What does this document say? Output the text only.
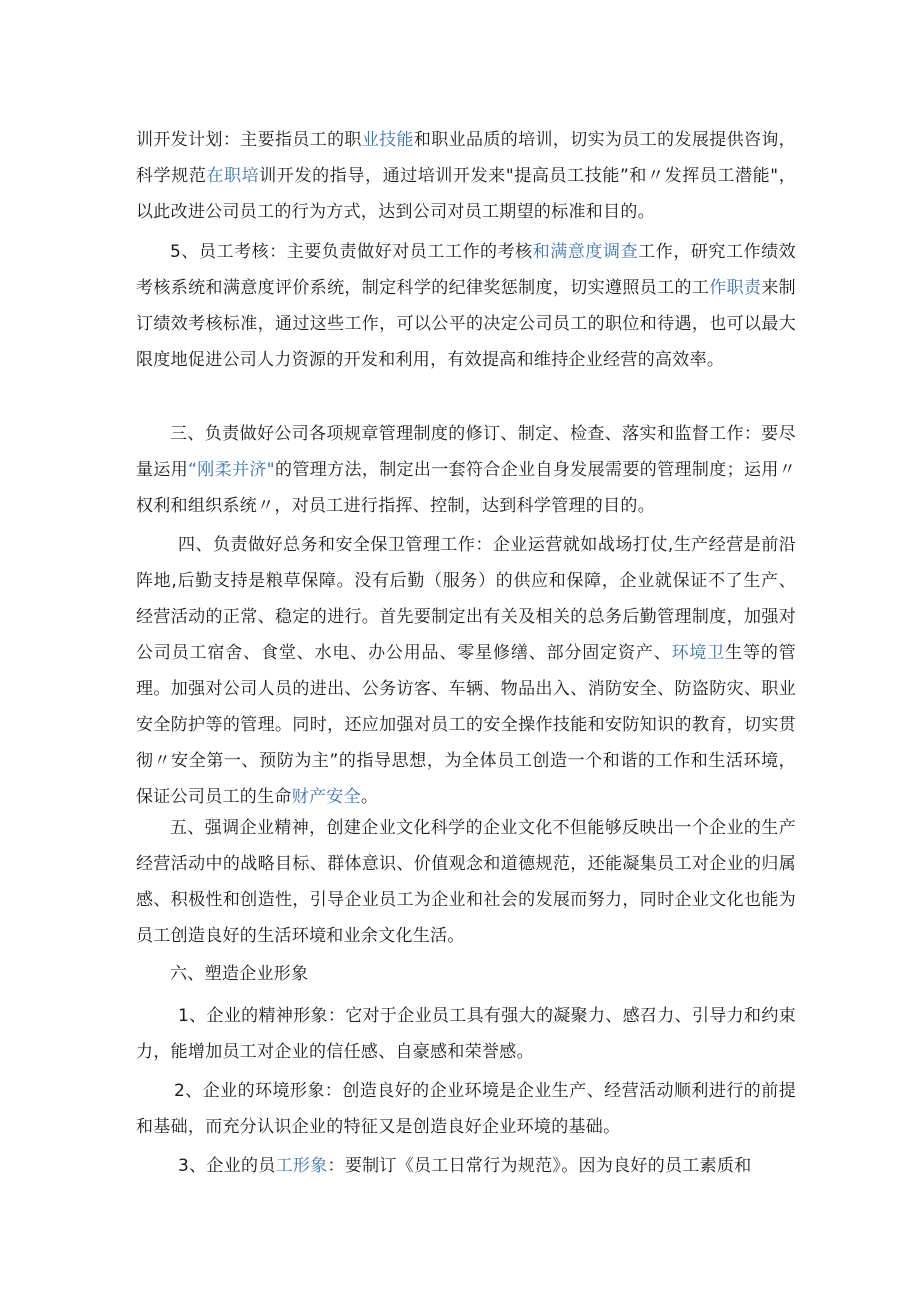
训开发计划：主要指员工的职业技能和职业品质的培训，切实为员工的发展提供咨询，科学规范在职培训开发的指导，通过培训开发来"提高员工技能”和〃发挥员工潜能"，以此改进公司员工的行为方式，达到公司对员工期望的标准和目的。

5、员工考核：主要负责做好对员工工作的考核和满意度调查工作，研究工作绩效考核系统和满意度评价系统，制定科学的纪律奖惩制度，切实遵照员工的工作职责来制订绩效考核标准，通过这些工作，可以公平的决定公司员工的职位和待遇，也可以最大限度地促进公司人力资源的开发和利用，有效提高和维持企业经营的高效率。

三、负责做好公司各项规章管理制度的修订、制定、检查、落实和监督工作：要尽量运用“刚柔并济"的管理方法，制定出一套符合企业自身发展需要的管理制度；运用〃权利和组织系统〃，对员工进行指挥、控制，达到科学管理的目的。

四、负责做好总务和安全保卫管理工作：企业运营就如战场打仗,生产经营是前沿阵地,后勤支持是粮草保障。没有后勤（服务）的供应和保障，企业就保证不了生产、经营活动的正常、稳定的进行。首先要制定出有关及相关的总务后勤管理制度，加强对公司员工宿舍、食堂、水电、办公用品、零星修缮、部分固定资产、环境卫生等的管理。加强对公司人员的进出、公务访客、车辆、物品出入、消防安全、防盗防灾、职业安全防护等的管理。同时，还应加强对员工的安全操作技能和安防知识的教育，切实贯彻〃安全第一、预防为主”的指导思想，为全体员工创造一个和谐的工作和生活环境，保证公司员工的生命财产安全。

五、强调企业精神，创建企业文化科学的企业文化不但能够反映出一个企业的生产经营活动中的战略目标、群体意识、价值观念和道德规范，还能凝集员工对企业的归属感、积极性和创造性，引导企业员工为企业和社会的发展而努力，同时企业文化也能为员工创造良好的生活环境和业余文化生活。

六、塑造企业形象

1、企业的精神形象：它对于企业员工具有强大的凝聚力、感召力、引导力和约束力，能增加员工对企业的信任感、自豪感和荣誉感。

2、企业的环境形象：创造良好的企业环境是企业生产、经营活动顺利进行的前提和基础，而充分认识企业的特征又是创造良好企业环境的基础。

3、企业的员工形象：要制订《员工日常行为规范》。因为良好的员工素质和
